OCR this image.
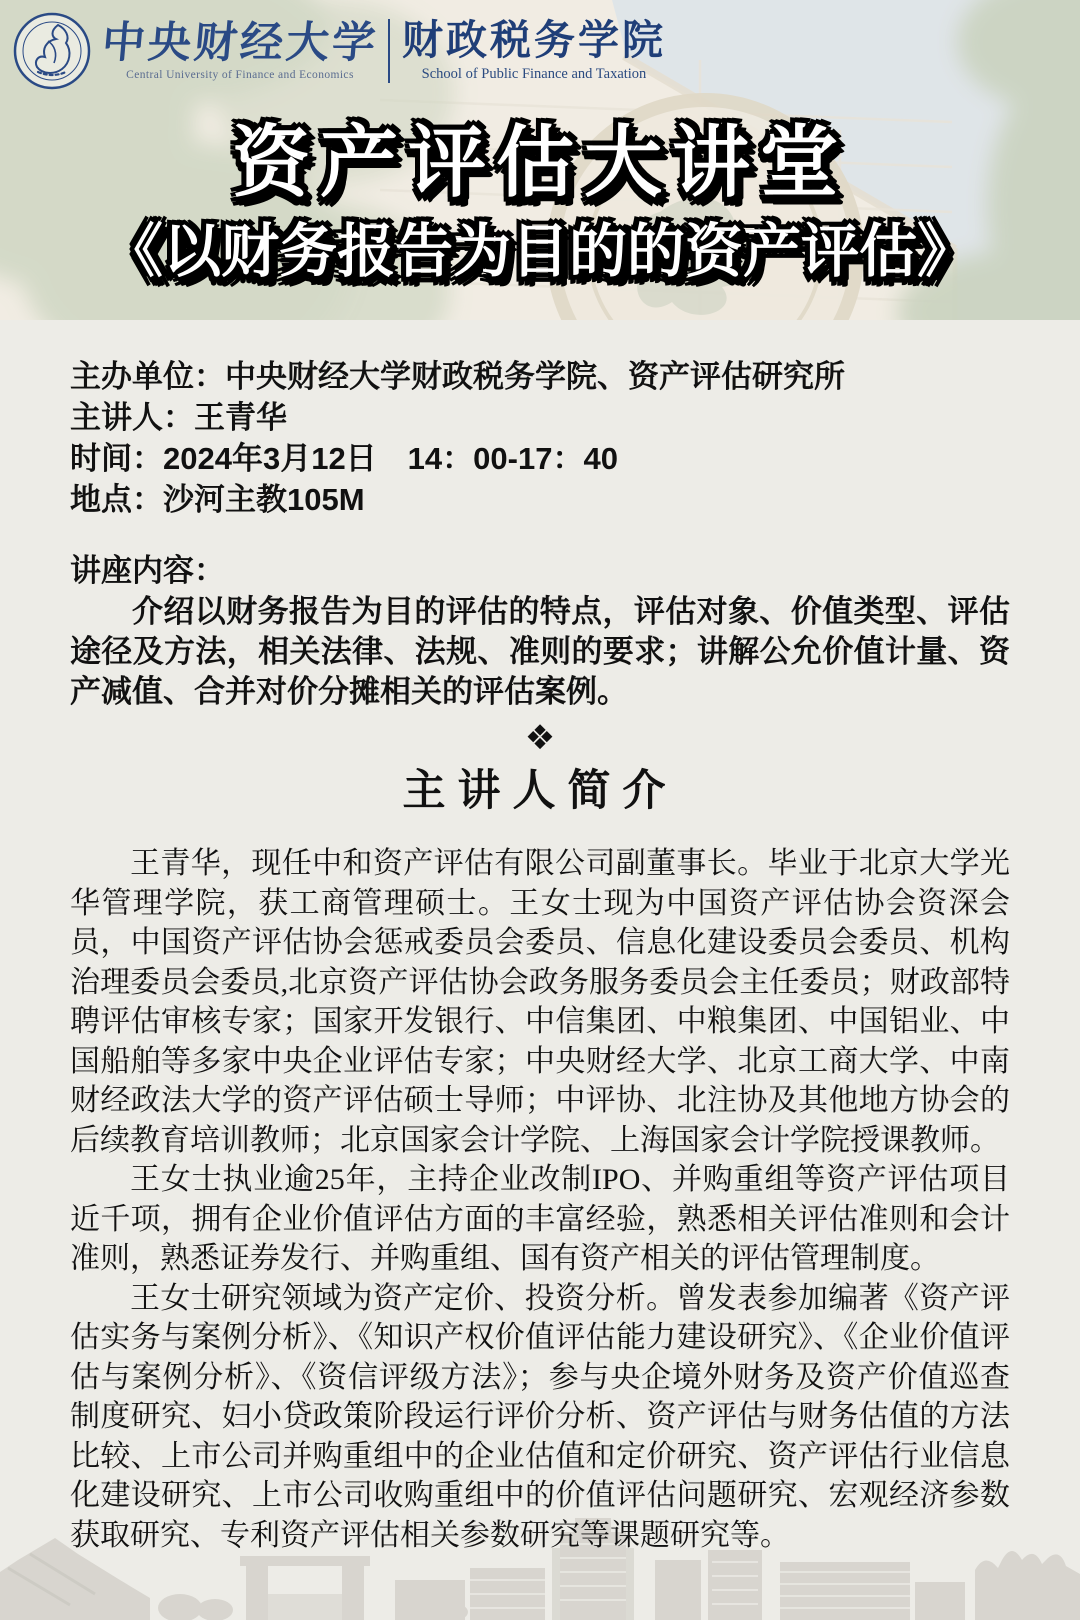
中央财经大学
Central University of Finance and Economics
财政税务学院
School of Public Finance and Taxation
资产评估大讲堂
《以财务报告为目的的资产评估》

主办单位：中央财经大学财政税务学院、资产评估研究所

主讲人：王青华

时间：2024年3月12日　14：00-17：40

地点：沙河主教105M

讲座内容：

介绍以财务报告为目的评估的特点，评估对象、价值类型、评估途径及方法，相关法律、法规、准则的要求；讲解公允价值计量、资产减值、合并对价分摊相关的评估案例。

❖
主讲人简介

王青华，现任中和资产评估有限公司副董事长。毕业于北京大学光华管理学院，获工商管理硕士。王女士现为中国资产评估协会资深会员，中国资产评估协会惩戒委员会委员、信息化建设委员会委员、机构治理委员会委员,北京资产评估协会政务服务委员会主任委员；财政部特聘评估审核专家；国家开发银行、中信集团、中粮集团、中国铝业、中国船舶等多家中央企业评估专家；中央财经大学、北京工商大学、中南财经政法大学的资产评估硕士导师；中评协、北注协及其他地方协会的后续教育培训教师；北京国家会计学院、上海国家会计学院授课教师。

王女士执业逾25年，主持企业改制IPO、并购重组等资产评估项目近千项，拥有企业价值评估方面的丰富经验，熟悉相关评估准则和会计准则，熟悉证券发行、并购重组、国有资产相关的评估管理制度。

王女士研究领域为资产定价、投资分析。曾发表参加编著《资产评估实务与案例分析》、《知识产权价值评估能力建设研究》、《企业价值评估与案例分析》、《资信评级方法》；参与央企境外财务及资产价值巡查制度研究、妇小贷政策阶段运行评价分析、资产评估与财务估值的方法比较、上市公司并购重组中的企业估值和定价研究、资产评估行业信息化建设研究、上市公司收购重组中的价值评估问题研究、宏观经济参数获取研究、专利资产评估相关参数研究等课题研究等。
